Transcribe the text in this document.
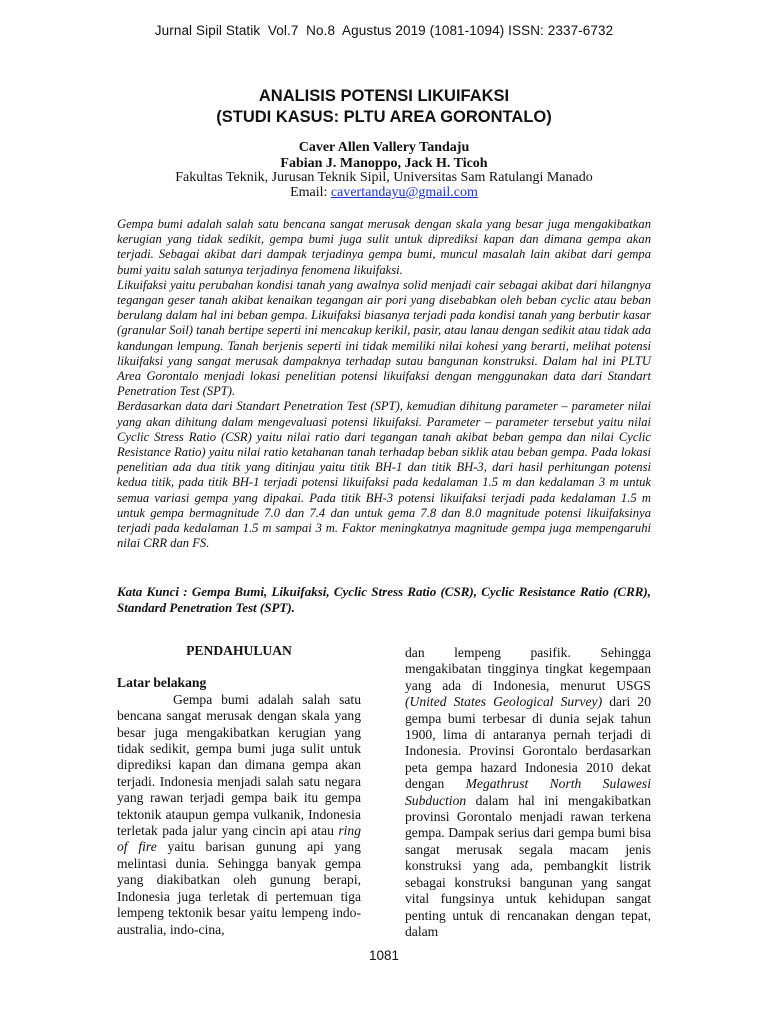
Jurnal Sipil Statik  Vol.7  No.8  Agustus 2019 (1081-1094) ISSN: 2337-6732
ANALISIS POTENSI LIKUIFAKSI
(STUDI KASUS: PLTU AREA GORONTALO)
Caver Allen Vallery Tandaju
Fabian J. Manoppo, Jack H. Ticoh
Fakultas Teknik, Jurusan Teknik Sipil, Universitas Sam Ratulangi Manado
Email: cavertandayu@gmail.com

Gempa bumi adalah salah satu bencana sangat merusak dengan skala yang besar juga mengakibatkan kerugian yang tidak sedikit, gempa bumi juga sulit untuk diprediksi kapan dan dimana gempa akan terjadi. Sebagai akibat dari dampak terjadinya gempa bumi, muncul masalah lain akibat dari gempa bumi yaitu salah satunya terjadinya fenomena likuifaksi.

Likuifaksi yaitu perubahan kondisi tanah yang awalnya solid menjadi cair sebagai akibat dari hilangnya tegangan geser tanah akibat kenaikan tegangan air pori yang disebabkan oleh beban cyclic atau beban berulang dalam hal ini beban gempa. Likuifaksi biasanya terjadi pada kondisi tanah yang berbutir kasar (granular Soil) tanah bertipe seperti ini mencakup kerikil, pasir, atau lanau dengan sedikit atau tidak ada kandungan lempung. Tanah berjenis seperti ini tidak memiliki nilai kohesi yang berarti, melihat potensi likuifaksi yang sangat merusak dampaknya terhadap sutau bangunan konstruksi. Dalam hal ini PLTU Area Gorontalo menjadi lokasi penelitian potensi likuifaksi dengan menggunakan data dari Standart Penetration Test (SPT).

Berdasarkan data dari Standart Penetration Test (SPT), kemudian dihitung parameter – parameter nilai yang akan dihitung dalam mengevaluasi potensi likuifaksi. Parameter – parameter tersebut yaitu nilai Cyclic Stress Ratio (CSR) yaitu nilai ratio dari tegangan tanah akibat beban gempa dan nilai Cyclic Resistance Ratio) yaitu nilai ratio ketahanan tanah terhadap beban siklik atau beban gempa. Pada lokasi penelitian ada dua titik yang ditinjau yaitu titik BH-1 dan titik BH-3, dari hasil perhitungan potensi kedua titik, pada titik BH-1 terjadi potensi likuifaksi pada kedalaman 1.5 m dan kedalaman 3 m untuk semua variasi gempa yang dipakai. Pada titik BH-3 potensi likuifaksi terjadi pada kedalaman 1.5 m untuk gempa bermagnitude 7.0 dan 7.4 dan untuk gema 7.8 dan 8.0 magnitude potensi likuifaksinya terjadi pada kedalaman 1.5 m sampai 3 m. Faktor meningkatnya magnitude gempa juga mempengaruhi nilai CRR dan FS.

Kata Kunci : Gempa Bumi, Likuifaksi, Cyclic Stress Ratio (CSR), Cyclic Resistance Ratio (CRR), Standard Penetration Test (SPT).
PENDAHULUAN
Latar belakang

Gempa bumi adalah salah satu bencana sangat merusak dengan skala yang besar juga mengakibatkan kerugian yang tidak sedikit, gempa bumi juga sulit untuk diprediksi kapan dan dimana gempa akan terjadi. Indonesia menjadi salah satu negara yang rawan terjadi gempa baik itu gempa tektonik ataupun gempa vulkanik, Indonesia terletak pada jalur yang cincin api atau ring of fire yaitu barisan gunung api yang melintasi dunia. Sehingga banyak gempa yang diakibatkan oleh gunung berapi, Indonesia juga terletak di pertemuan tiga lempeng tektonik besar yaitu lempeng indo-australia, indo-cina,

dan lempeng pasifik. Sehingga mengakibatan tingginya tingkat kegempaan yang ada di Indonesia, menurut USGS (United States Geological Survey) dari 20 gempa bumi terbesar di dunia sejak tahun 1900, lima di antaranya pernah terjadi di Indonesia. Provinsi Gorontalo berdasarkan peta gempa hazard Indonesia 2010 dekat dengan Megathrust North Sulawesi Subduction dalam hal ini mengakibatkan provinsi Gorontalo menjadi rawan terkena gempa. Dampak serius dari gempa bumi bisa sangat merusak segala macam jenis konstruksi yang ada, pembangkit listrik sebagai konstruksi bangunan yang sangat vital fungsinya untuk kehidupan sangat penting untuk di rencanakan dengan tepat, dalam

1081
